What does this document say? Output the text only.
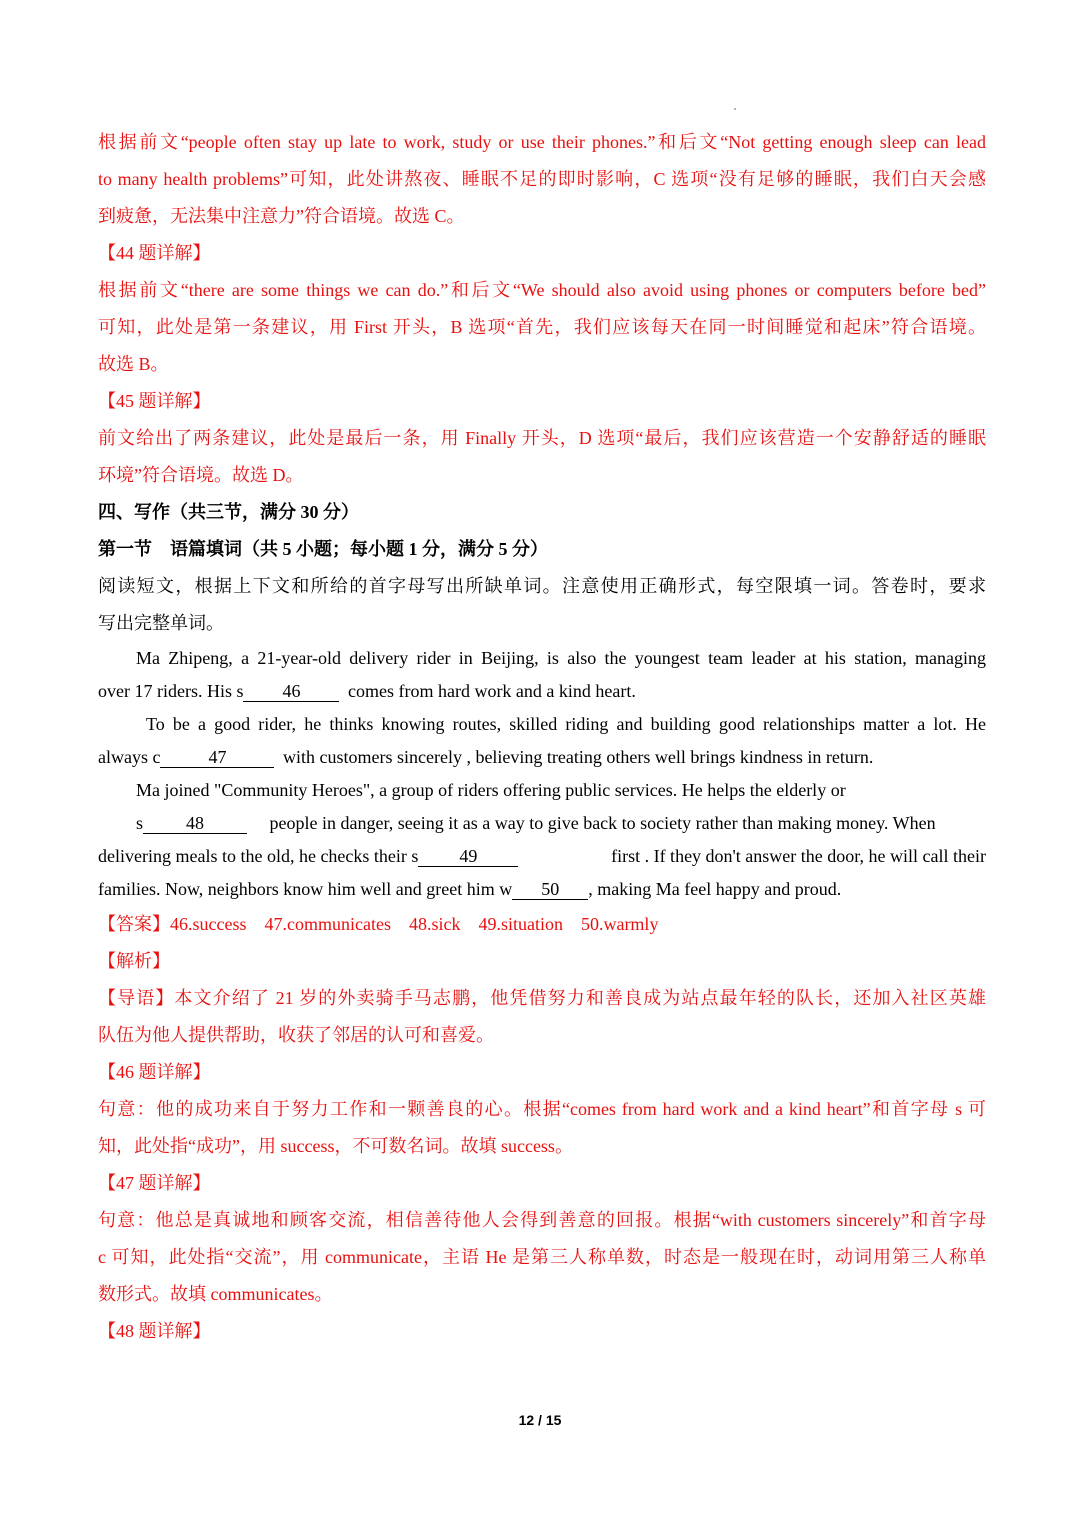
根据前文“people often stay up late to work, study or use their phones.”和后文“Not getting enough sleep can lead
to many health problems”可知，此处讲熬夜、睡眠不足的即时影响，C 选项“没有足够的睡眠，我们白天会感
到疲惫，无法集中注意力”符合语境。故选 C。
【44 题详解】
根据前文“there are some things we can do.”和后文“We should also avoid using phones or computers before bed”
可知，此处是第一条建议，用 First 开头，B 选项“首先，我们应该每天在同一时间睡觉和起床”符合语境。
故选 B。
【45 题详解】
前文给出了两条建议，此处是最后一条，用 Finally 开头，D 选项“最后，我们应该营造一个安静舒适的睡眠
环境”符合语境。故选 D。
四、写作（共三节，满分 30 分）
第一节　语篇填词（共 5 小题；每小题 1 分，满分 5 分）
阅读短文，根据上下文和所给的首字母写出所缺单词。注意使用正确形式，每空限填一词。答卷时，要求
写出完整单词。
Ma Zhipeng, a 21-year-old delivery rider in Beijing, is also the youngest team leader at his station, managing
over 17 riders. His s 46	comes from hard work and a kind heart.
To be a good rider, he thinks knowing routes, skilled riding and building good relationships matter a lot. He
always c	47	with customers sincerely , believing treating others well brings kindness in return.
Ma joined "Community Heroes", a group of riders offering public services. He helps the elderly or
s 48	people in danger, seeing it as a way to give back to society rather than making money. When
delivering meals to the old, he checks their s 49	first . If they don't answer the door, he will call their
families. Now, neighbors know him well and greet him w 50 , making Ma feel happy and proud.
【答案】46.success 47.communicates 48.sick 49.situation 50.warmly
【解析】
【导语】本文介绍了 21 岁的外卖骑手马志鹏，他凭借努力和善良成为站点最年轻的队长，还加入社区英雄
队伍为他人提供帮助，收获了邻居的认可和喜爱。
【46 题详解】
句意：他的成功来自于努力工作和一颗善良的心。根据“comes from hard work and a kind heart”和首字母 s 可
知，此处指“成功”，用 success，不可数名词。故填 success。
【47 题详解】
句意：他总是真诚地和顾客交流，相信善待他人会得到善意的回报。根据“with customers sincerely”和首字母
c 可知，此处指“交流”，用 communicate，主语 He 是第三人称单数，时态是一般现在时，动词用第三人称单
数形式。故填 communicates。
【48 题详解】
12 / 15
